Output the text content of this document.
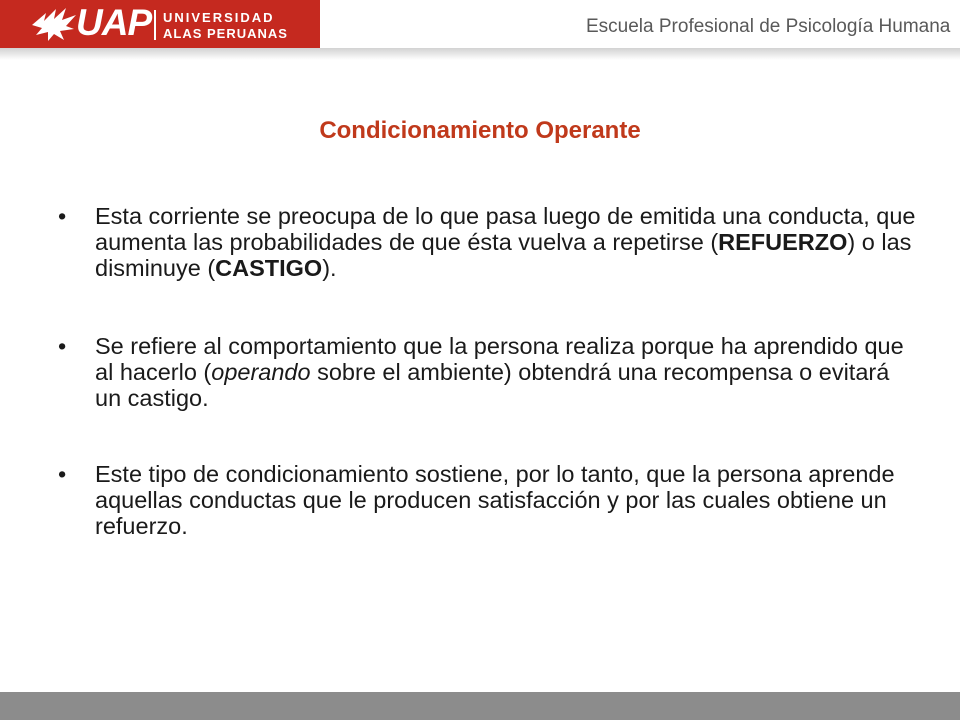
UAP UNIVERSIDAD
ALAS PERUANAS	Escuela Profesional de Psicología Humana
Condicionamiento Operante

• Esta corriente se preocupa de lo que pasa luego de emitida una conducta, que aumenta las probabilidades de que ésta vuelva a repetirse (REFUERZO) o las disminuye (CASTIGO).

• Se refiere al comportamiento que la persona realiza porque ha aprendido que al hacerlo (operando sobre el ambiente) obtendrá una recompensa o evitará un castigo.

• Este tipo de condicionamiento sostiene, por lo tanto, que la persona aprende aquellas conductas que le producen satisfacción y por las cuales obtiene un refuerzo.
